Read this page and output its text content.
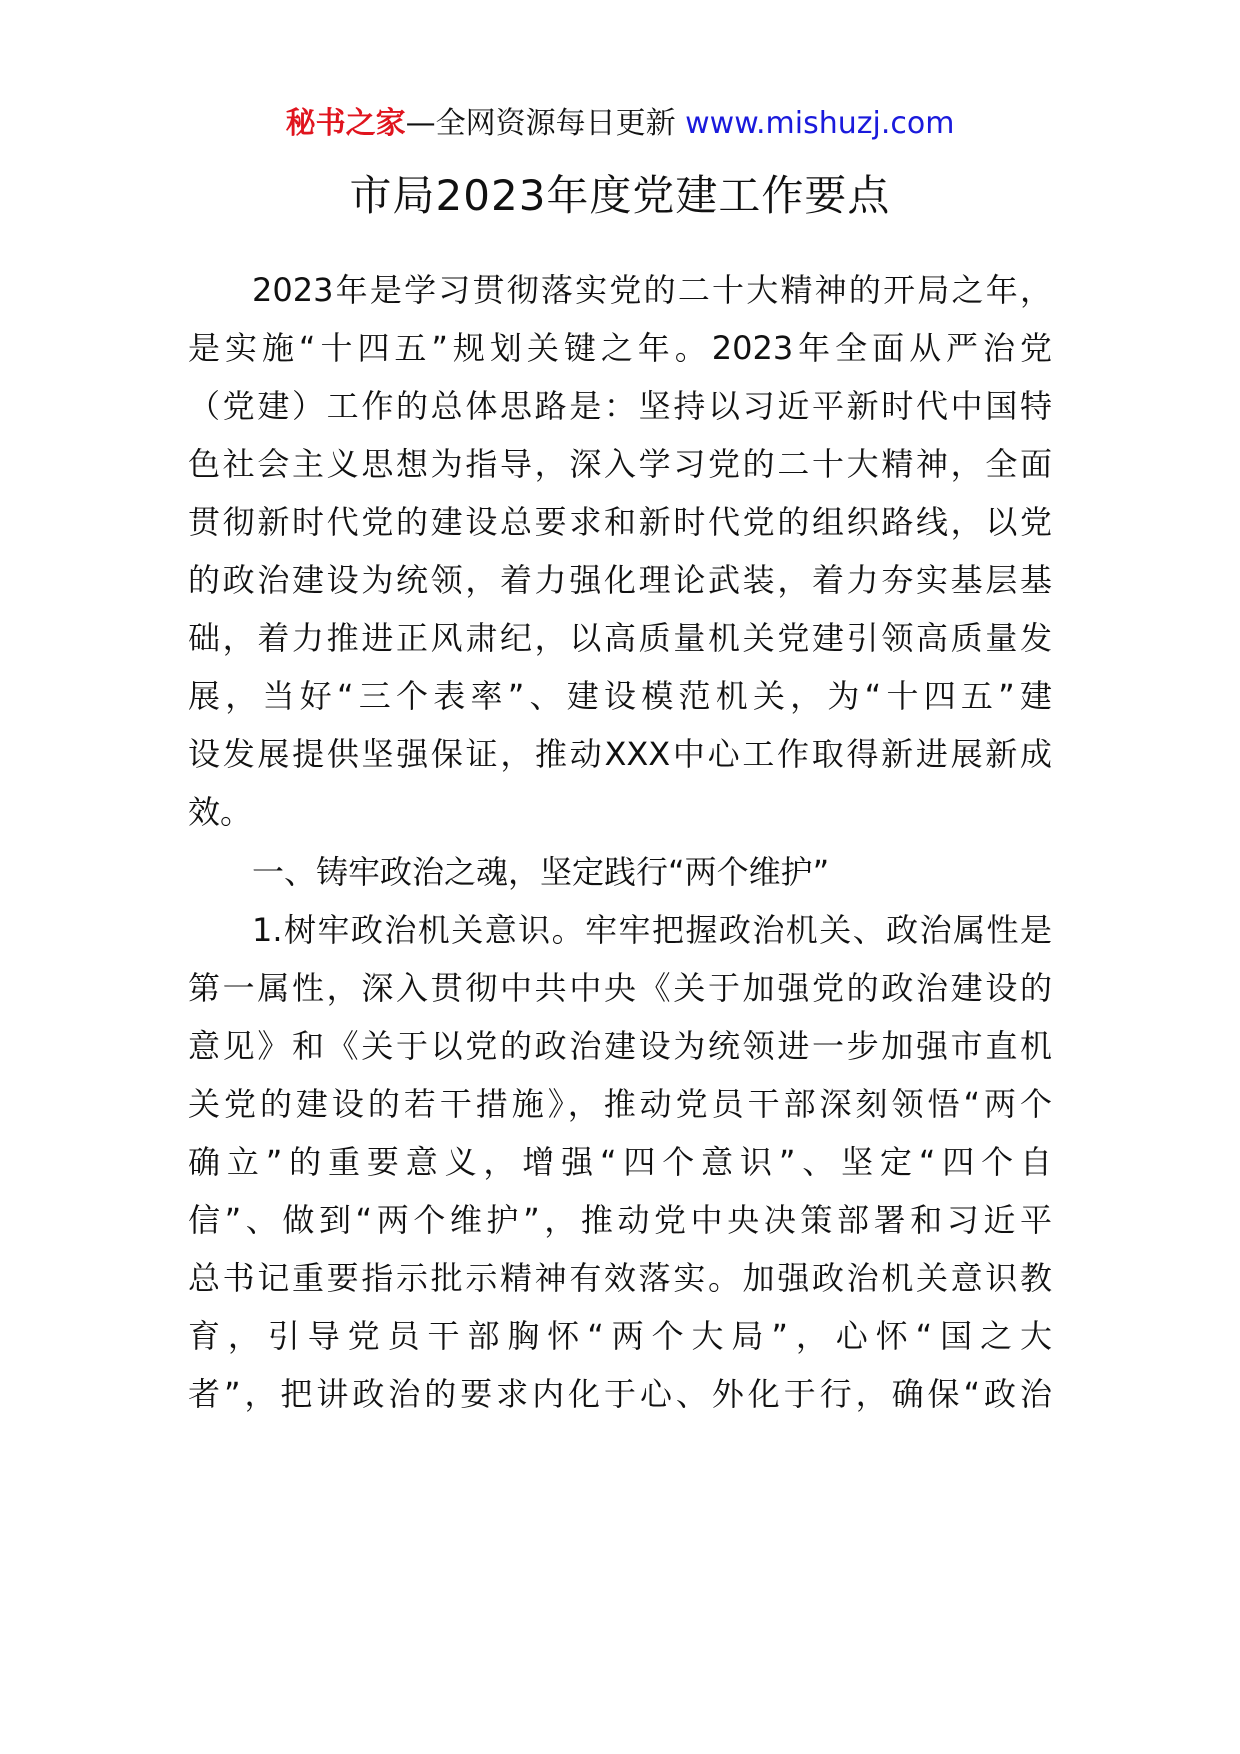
秘书之家—全网资源每日更新 www.mishuzj.com
市局2023年度党建工作要点
2023年是学习贯彻落实党的二十大精神的开局之年，
是实施“十四五”规划关键之年。2023年全面从严治党
（党建）工作的总体思路是：坚持以习近平新时代中国特
色社会主义思想为指导，深入学习党的二十大精神，全面
贯彻新时代党的建设总要求和新时代党的组织路线，以党
的政治建设为统领，着力强化理论武装，着力夯实基层基
础，着力推进正风肃纪，以高质量机关党建引领高质量发
展，当好“三个表率”、建设模范机关，为“十四五”建
设发展提供坚强保证，推动XXX中心工作取得新进展新成
效。
一、铸牢政治之魂，坚定践行“两个维护”
1.树牢政治机关意识。牢牢把握政治机关、政治属性是
第一属性，深入贯彻中共中央《关于加强党的政治建设的
意见》和《关于以党的政治建设为统领进一步加强市直机
关党的建设的若干措施》，推动党员干部深刻领悟“两个
确立”的重要意义，增强“四个意识”、坚定“四个自
信”、做到“两个维护”，推动党中央决策部署和习近平
总书记重要指示批示精神有效落实。加强政治机关意识教
育，引导党员干部胸怀“两个大局”，心怀“国之大
者”，把讲政治的要求内化于心、外化于行，确保“政治
